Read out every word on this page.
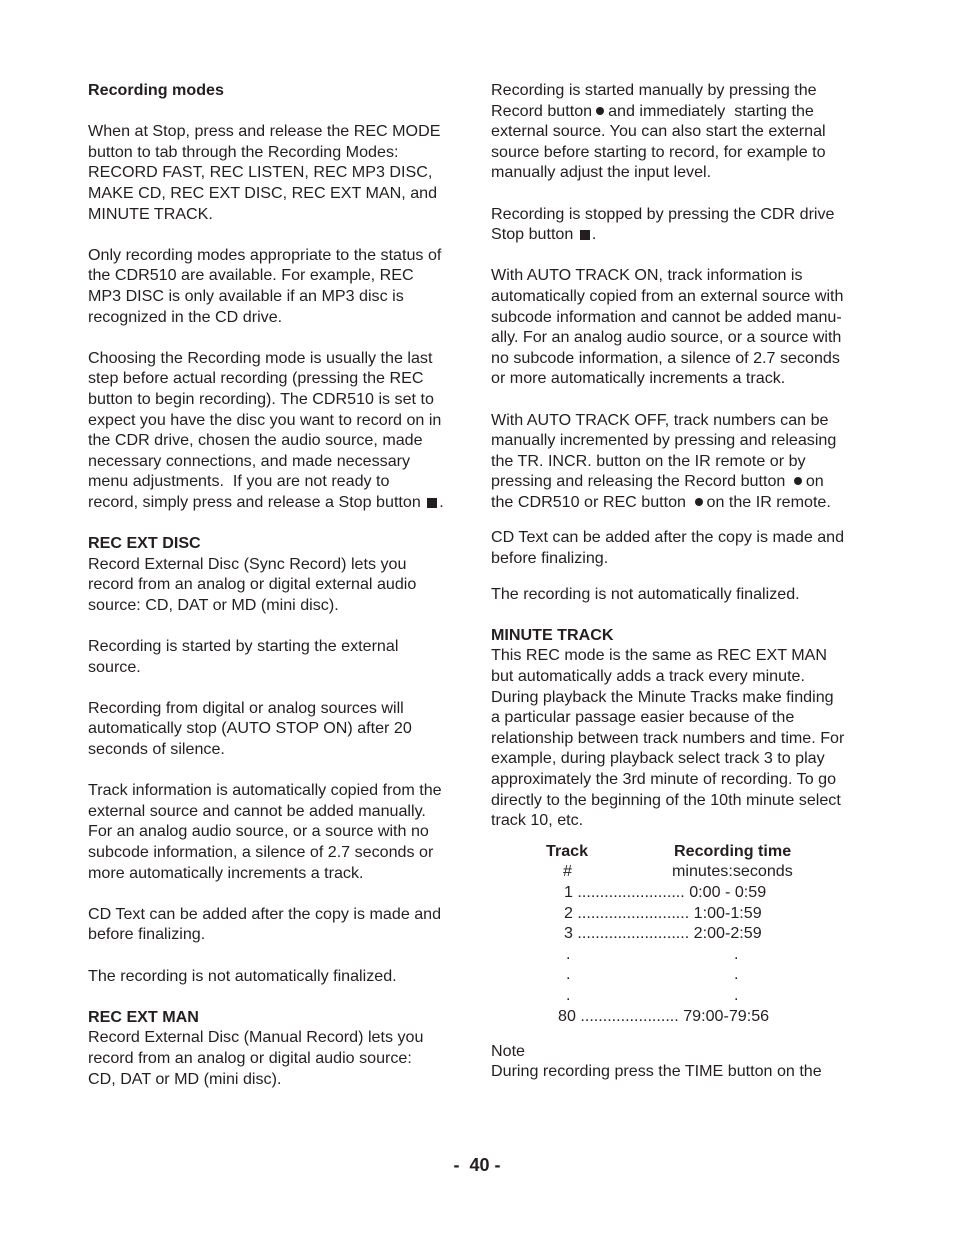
Recording modes
When at Stop, press and release the REC MODE
button to tab through the Recording Modes:
RECORD FAST, REC LISTEN, REC MP3 DISC,
MAKE CD, REC EXT DISC, REC EXT MAN, and
MINUTE TRACK.
Only recording modes appropriate to the status of
the CDR510 are available. For example, REC
MP3 DISC is only available if an MP3 disc is
recognized in the CD drive.
Choosing the Recording mode is usually the last
step before actual recording (pressing the REC
button to begin recording). The CDR510 is set to
expect you have the disc you want to record on in
the CDR drive, chosen the audio source, made
necessary connections, and made necessary
menu adjustments.  If you are not ready to
record, simply press and release a Stop button .
REC EXT DISC
Record External Disc (Sync Record) lets you
record from an analog or digital external audio
source: CD, DAT or MD (mini disc).
Recording is started by starting the external
source.
Recording from digital or analog sources will
automatically stop (AUTO STOP ON) after 20
seconds of silence.
Track information is automatically copied from the
external source and cannot be added manually.
For an analog audio source, or a source with no
subcode information, a silence of 2.7 seconds or
more automatically increments a track.
CD Text can be added after the copy is made and
before finalizing.
The recording is not automatically finalized.
REC EXT MAN
Record External Disc (Manual Record) lets you
record from an analog or digital audio source:
CD, DAT or MD (mini disc).
Recording is started manually by pressing the
Record button and immediately  starting the
external source. You can also start the external
source before starting to record, for example to
manually adjust the input level.
Recording is stopped by pressing the CDR drive
Stop button .
With AUTO TRACK ON, track information is
automatically copied from an external source with
subcode information and cannot be added manu-
ally. For an analog audio source, or a source with
no subcode information, a silence of 2.7 seconds
or more automatically increments a track.
With AUTO TRACK OFF, track numbers can be
manually incremented by pressing and releasing
the TR. INCR. button on the IR remote or by
pressing and releasing the Record button on
the CDR510 or REC button on the IR remote.
CD Text can be added after the copy is made and
before finalizing.
The recording is not automatically finalized.
MINUTE TRACK
This REC mode is the same as REC EXT MAN
but automatically adds a track every minute.
During playback the Minute Tracks make finding
a particular passage easier because of the
relationship between track numbers and time. For
example, during playback select track 3 to play
approximately the 3rd minute of recording. To go
directly to the beginning of the 10th minute select
track 10, etc.
Track	Recording time
#	minutes:seconds
1 ........................ 0:00 - 0:59
2 ......................... 1:00-1:59
3 ......................... 2:00-2:59
.	.
.	.
.	.
80 ...................... 79:00-79:56
Note
During recording press the TIME button on the
-  40 -
